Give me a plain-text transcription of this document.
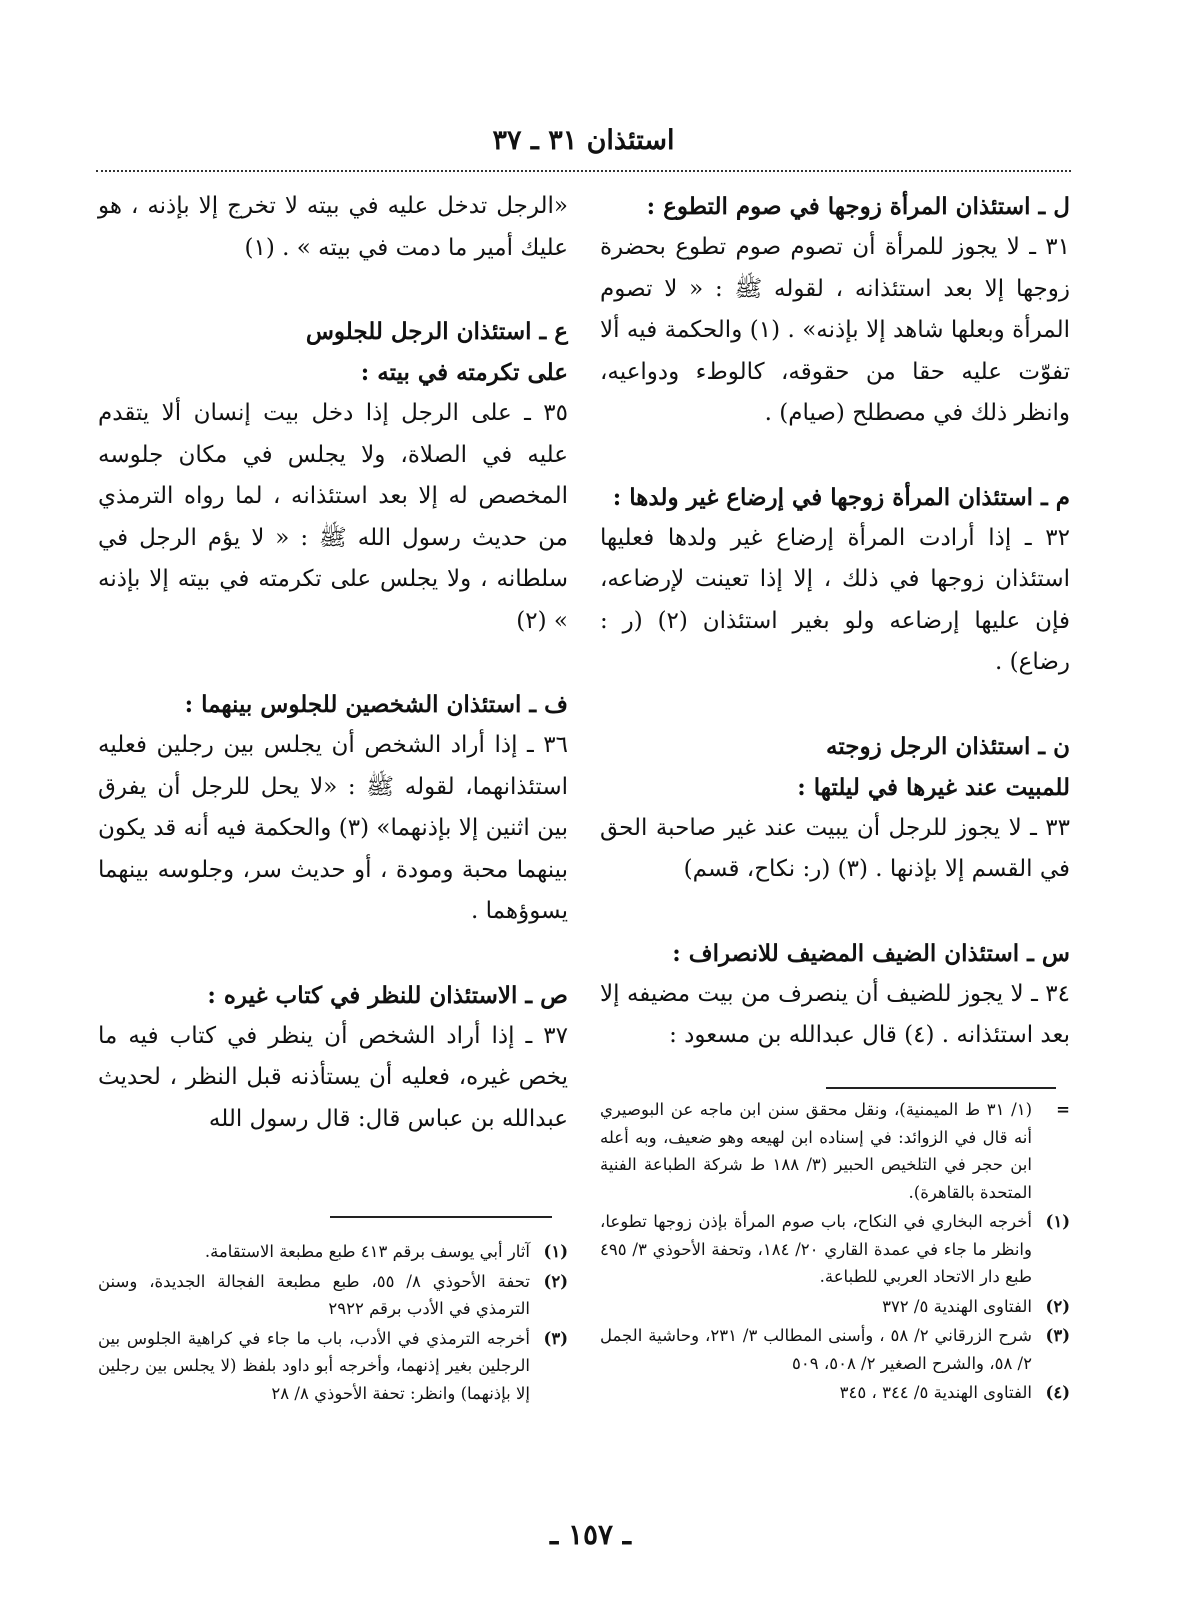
استئذان ٣١ ـ ٣٧

ل ـ استئذان المرأة زوجها في صوم التطوع :

٣١ ـ لا يجوز للمرأة أن تصوم صوم تطوع بحضرة زوجها إلا بعد استئذانه ، لقوله ﷺ : « لا تصوم المرأة وبعلها شاهد إلا بإذنه» . (١) والحكمة فيه ألا تفوّت عليه حقا من حقوقه، كالوطء ودواعيه، وانظر ذلك في مصطلح (صيام) .

م ـ استئذان المرأة زوجها في إرضاع غير ولدها :

٣٢ ـ إذا أرادت المرأة إرضاع غير ولدها فعليها استئذان زوجها في ذلك ، إلا إذا تعينت لإرضاعه، فإن عليها إرضاعه ولو بغير استئذان (٢) (ر : رضاع) .

ن ـ استئذان الرجل زوجته

للمبيت عند غيرها في ليلتها :

٣٣ ـ لا يجوز للرجل أن يبيت عند غير صاحبة الحق في القسم إلا بإذنها . (٣) (ر: نكاح، قسم)

س ـ استئذان الضيف المضيف للانصراف :

٣٤ ـ لا يجوز للضيف أن ينصرف من بيت مضيفه إلا بعد استئذانه . (٤) قال عبدالله بن مسعود :

«الرجل تدخل عليه في بيته لا تخرج إلا بإذنه ، هو عليك أمير ما دمت في بيته » . (١)

ع ـ استئذان الرجل للجلوس

على تكرمته في بيته :

٣٥ ـ على الرجل إذا دخل بيت إنسان ألا يتقدم عليه في الصلاة، ولا يجلس في مكان جلوسه المخصص له إلا بعد استئذانه ، لما رواه الترمذي من حديث رسول الله ﷺ : « لا يؤم الرجل في سلطانه ، ولا يجلس على تكرمته في بيته إلا بإذنه » (٢)

ف ـ استئذان الشخصين للجلوس بينهما :

٣٦ ـ إذا أراد الشخص أن يجلس بين رجلين فعليه استئذانهما، لقوله ﷺ : «لا يحل للرجل أن يفرق بين اثنين إلا بإذنهما» (٣) والحكمة فيه أنه قد يكون بينهما محبة ومودة ، أو حديث سر، وجلوسه بينهما يسوؤهما .

ص ـ الاستئذان للنظر في كتاب غيره :

٣٧ ـ إذا أراد الشخص أن ينظر في كتاب فيه ما يخص غيره، فعليه أن يستأذنه قبل النظر ، لحديث عبدالله بن عباس قال: قال رسول الله	=
(١/ ٣١ ط الميمنية)، ونقل محقق سنن ابن ماجه عن البوصيري أنه قال في الزوائد: في إسناده ابن لهيعه وهو ضعيف، وبه أعله ابن حجر في التلخيص الحبير (٣/ ١٨٨ ط شركة الطباعة الفنية المتحدة بالقاهرة).
(١)
أخرجه البخاري في النكاح، باب صوم المرأة بإذن زوجها تطوعا، وانظر ما جاء في عمدة القاري ٢٠/ ١٨٤، وتحفة الأحوذي ٣/ ٤٩٥ طبع دار الاتحاد العربي للطباعة.
(٢)
الفتاوى الهندية ٥/ ٣٧٢
(٣)
شرح الزرقاني ٢/ ٥٨ ، وأسنى المطالب ٣/ ٢٣١، وحاشية الجمل ٢/ ٥٨، والشرح الصغير ٢/ ٥٠٨، ٥٠٩
(٤)
الفتاوى الهندية ٥/ ٣٤٤ ، ٣٤٥
(١)
آثار أبي يوسف برقم ٤١٣ طبع مطبعة الاستقامة.
(٢)
تحفة الأحوذي ٨/ ٥٥، طبع مطبعة الفجالة الجديدة، وسنن الترمذي في الأدب برقم ٢٩٢٢
(٣)
أخرجه الترمذي في الأدب، باب ما جاء في كراهية الجلوس بين الرجلين بغير إذنهما، وأخرجه أبو داود بلفظ (لا يجلس بين رجلين إلا بإذنهما) وانظر: تحفة الأحوذي ٨/ ٢٨
ـ ١٥٧ ـ
